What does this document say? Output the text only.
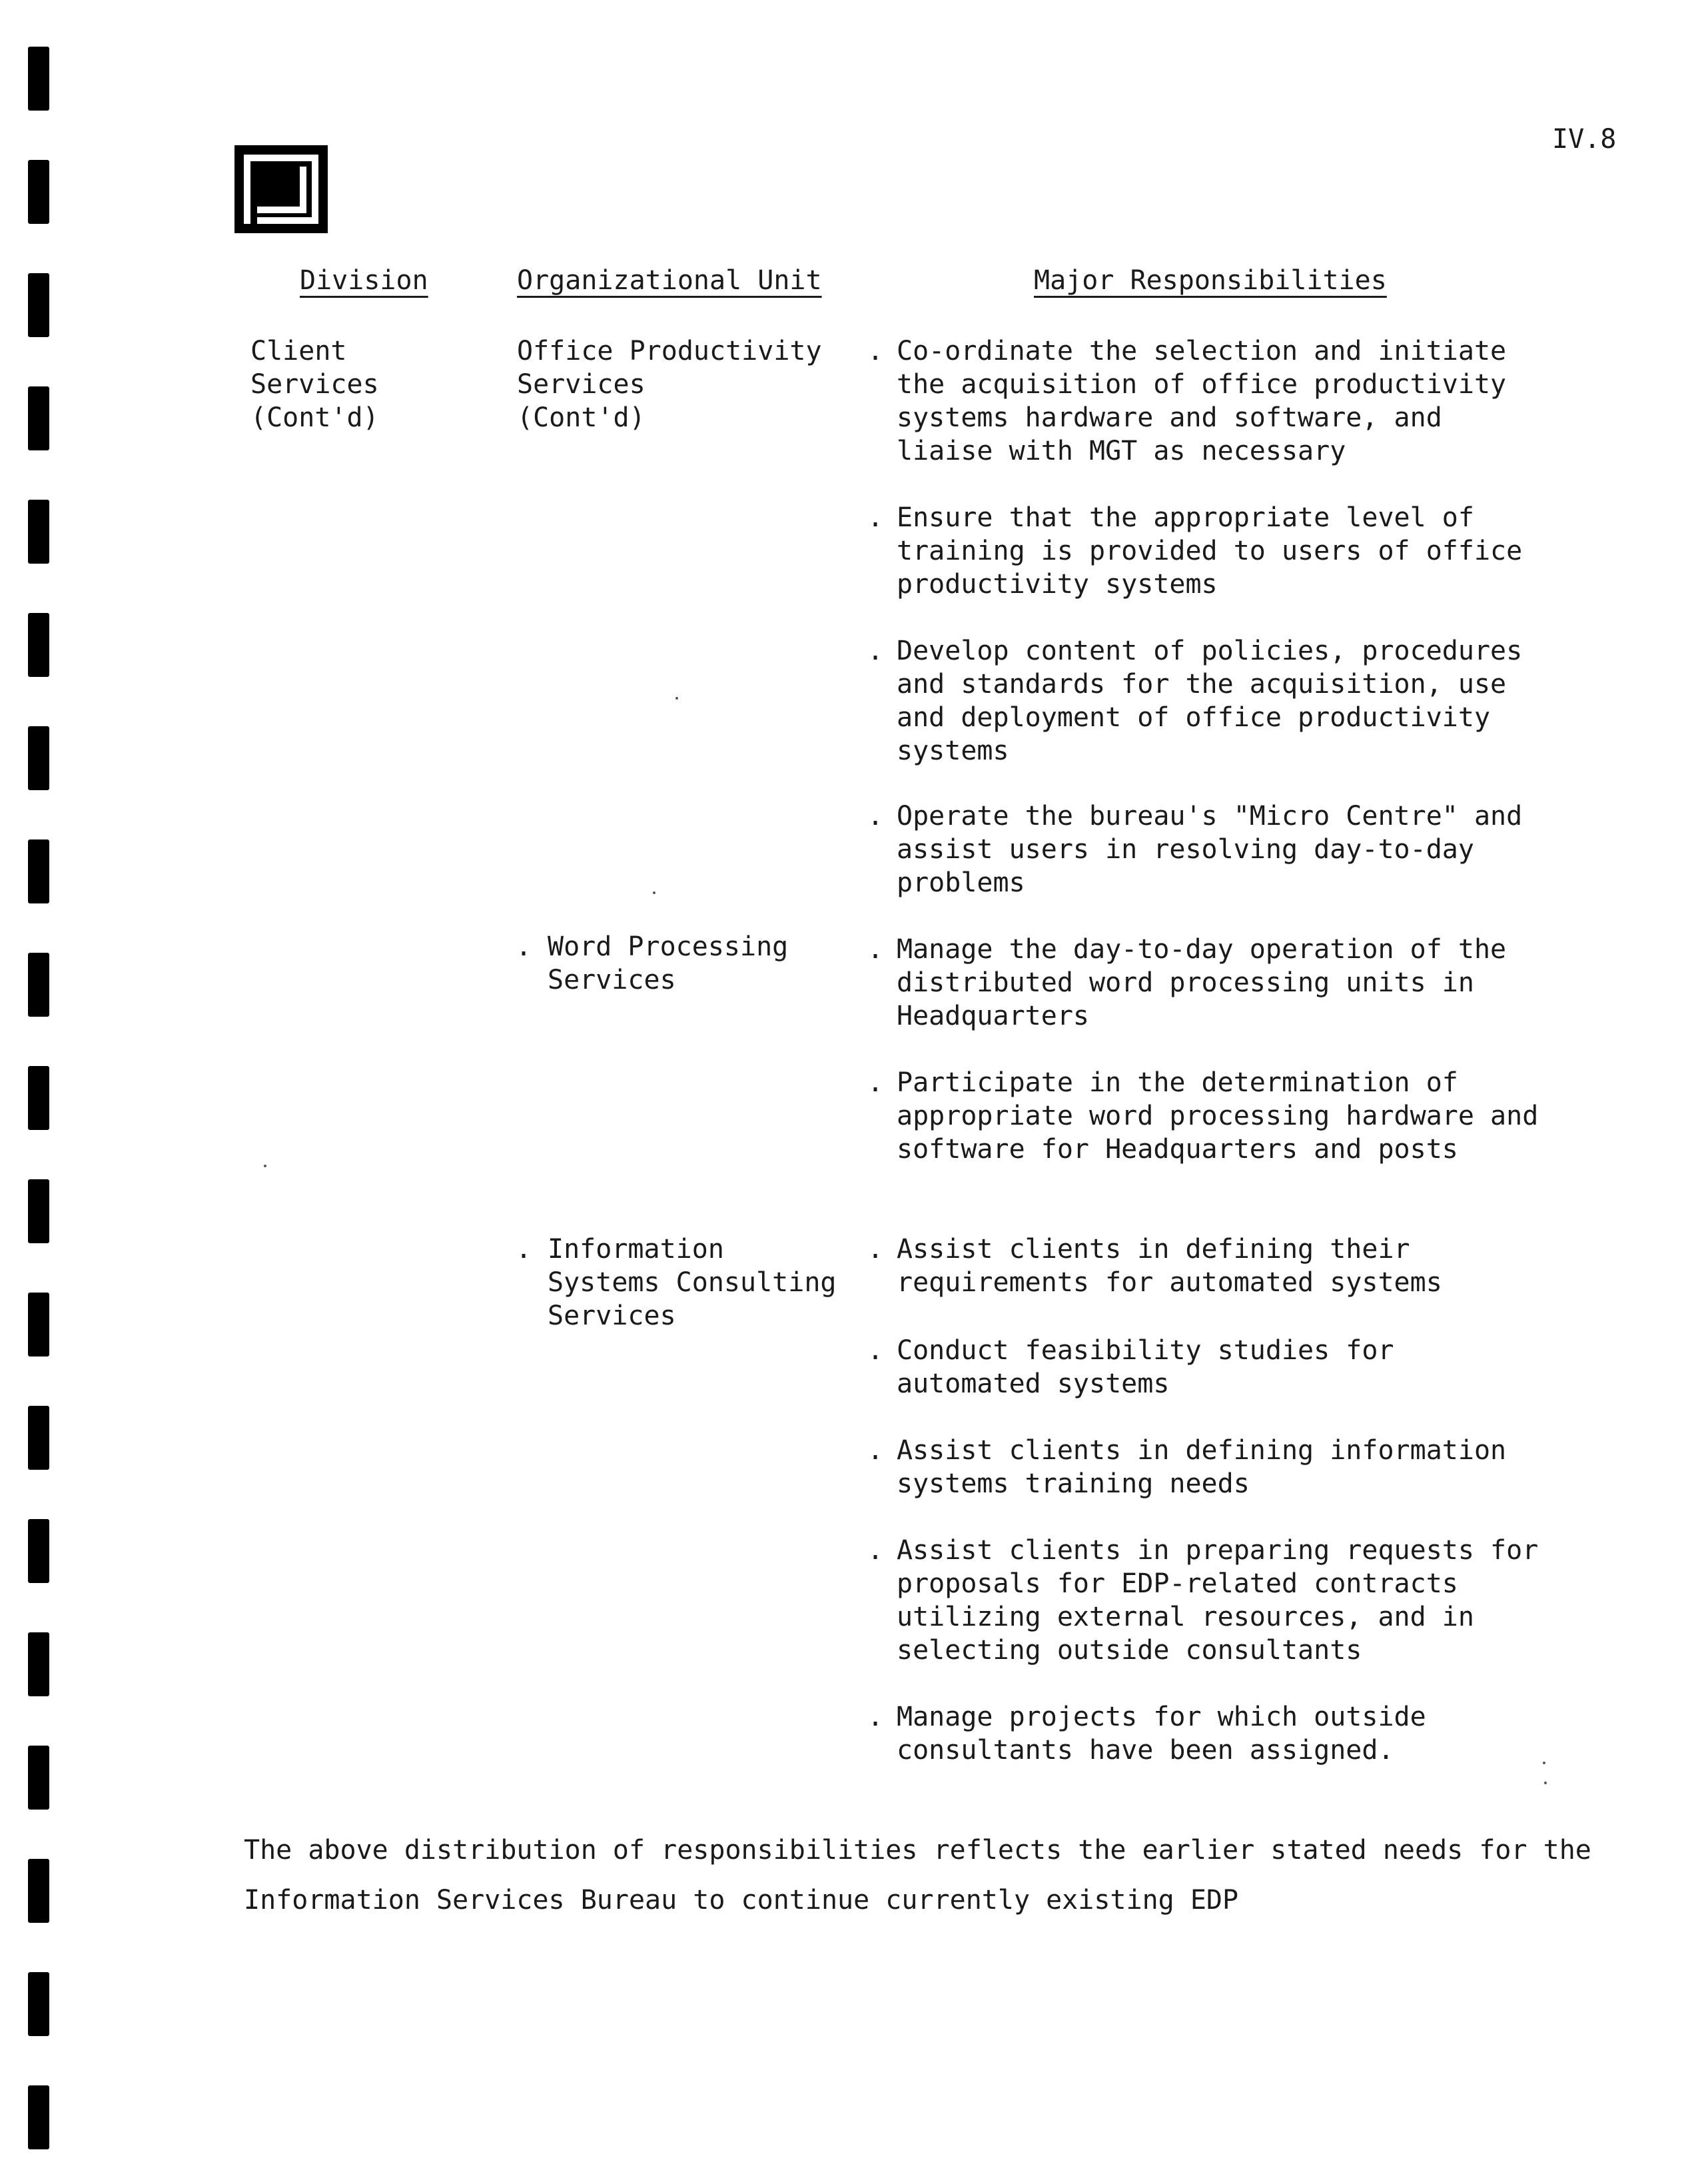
IV.8
Division	Organizational Unit	Major Responsibilities
Client
Services
(Cont'd)
Office Productivity
Services
(Cont'd)
. Co-ordinate the selection and initiate
the acquisition of office productivity
systems hardware and software, and
liaise with MGT as necessary
. Ensure that the appropriate level of
training is provided to users of office
productivity systems
. Develop content of policies, procedures
and standards for the acquisition, use
and deployment of office productivity
systems
. Operate the bureau's "Micro Centre" and
assist users in resolving day-to-day
problems
. Word Processing
Services
. Manage the day-to-day operation of the
distributed word processing units in
Headquarters
. Participate in the determination of
appropriate word processing hardware and
software for Headquarters and posts
. Information
Systems Consulting
Services
. Assist clients in defining their
requirements for automated systems
. Conduct feasibility studies for
automated systems
. Assist clients in defining information
systems training needs
. Assist clients in preparing requests for
proposals for EDP-related contracts
utilizing external resources, and in
selecting outside consultants
. Manage projects for which outside
consultants have been assigned.
The above distribution of responsibilities reflects the earlier stated needs for the Information Services Bureau to continue currently existing EDP
